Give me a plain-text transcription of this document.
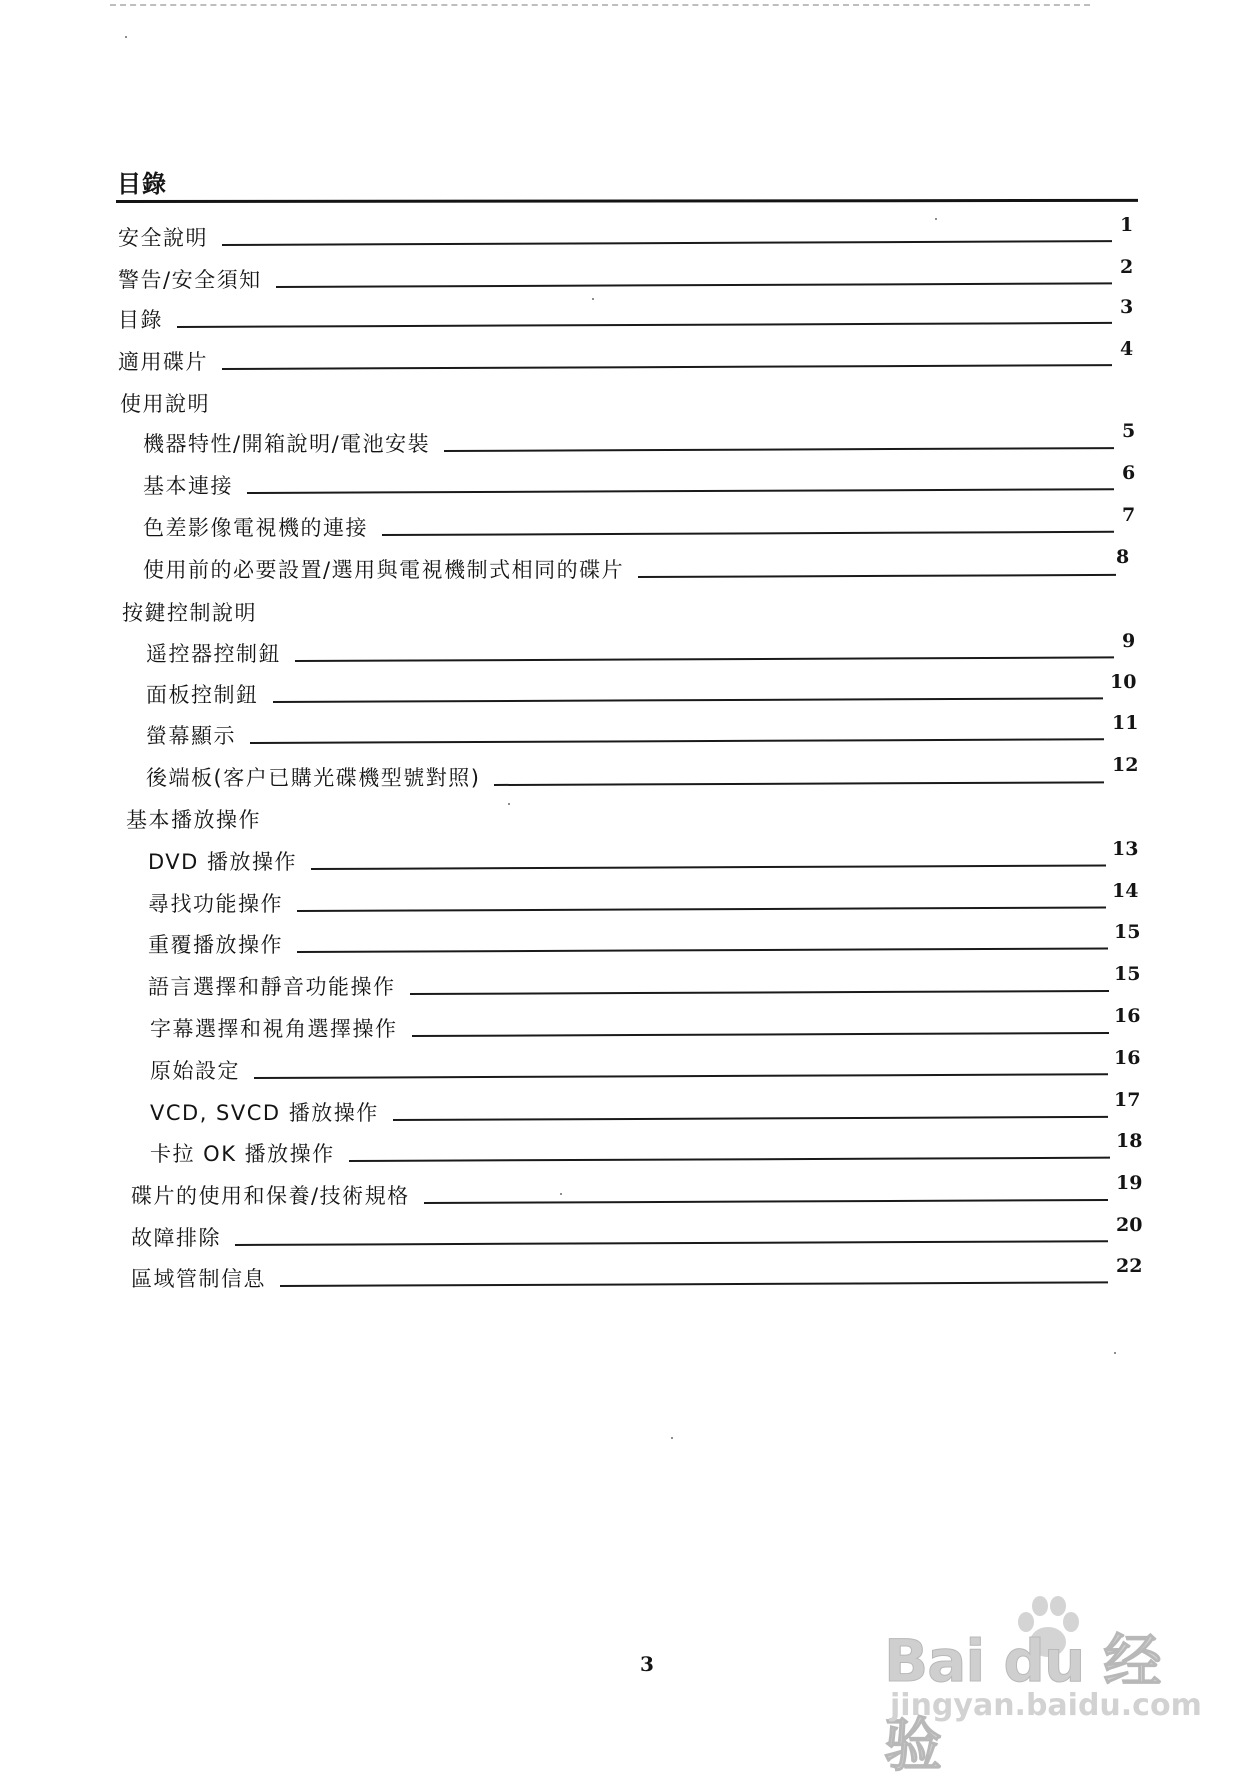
目錄
安全說明
1
警告/安全須知
2
目錄
3
適用碟片
4
使用說明
機器特性/開箱說明/電池安裝
5
基本連接
6
色差影像電視機的連接
7
使用前的必要設置/選用與電視機制式相同的碟片
8
按鍵控制說明
遥控器控制鈕
9
面板控制鈕
10
螢幕顯示
11
後端板(客户已購光碟機型號對照)
12
基本播放操作
DVD 播放操作
13
尋找功能操作
14
重覆播放操作
15
語言選擇和靜音功能操作
15
字幕選擇和視角選擇操作
16
原始設定
16
VCD, SVCD 播放操作
17
卡拉 OK 播放操作
18
碟片的使用和保養/技術規格
19
故障排除
20
區域管制信息
22
3	Bai du 经验
jingyan.baidu.com
